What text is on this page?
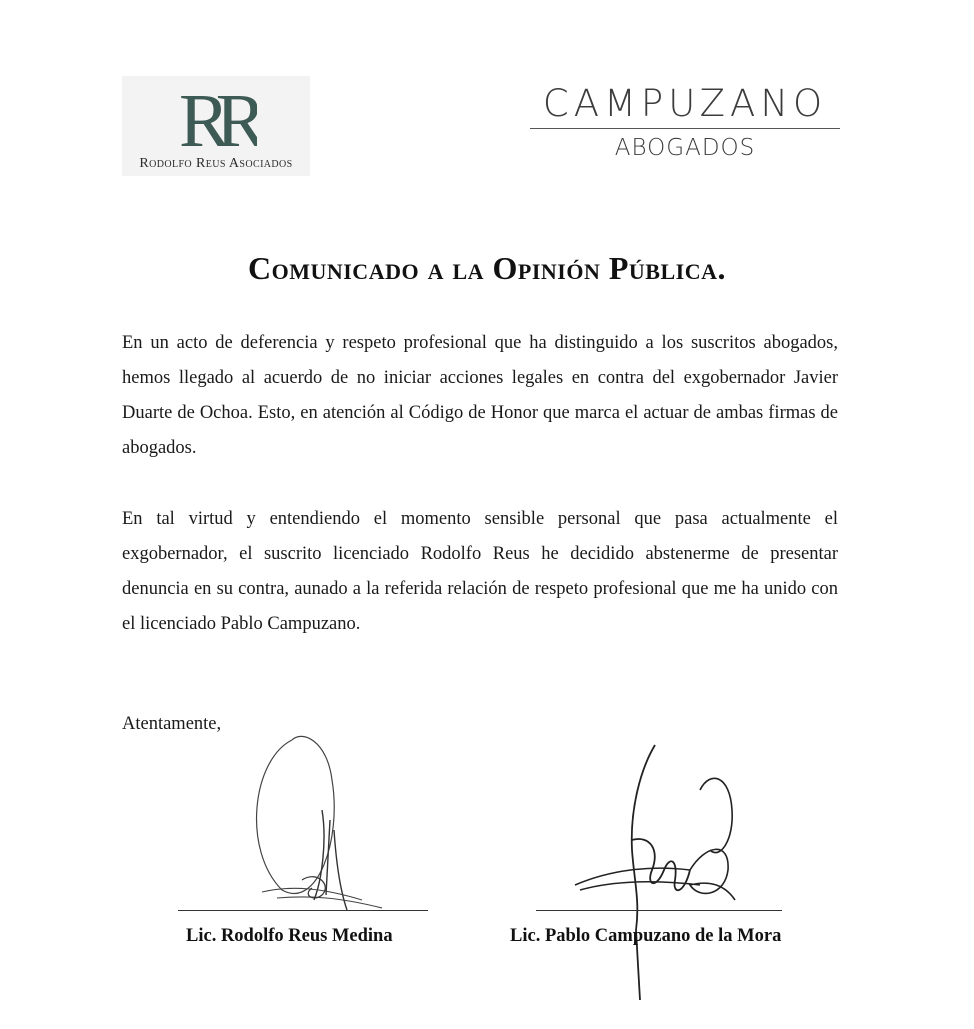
RR
Rodolfo Reus Asociados
CAMPUZANO
ABOGADOS
Comunicado a la Opinión Pública.
En un acto de deferencia y respeto profesional que ha distinguido a los suscritos abogados, hemos llegado al acuerdo de no iniciar acciones legales en contra del exgobernador Javier Duarte de Ochoa. Esto, en atención al Código de Honor que marca el actuar de ambas firmas de abogados.
En tal virtud y entendiendo el momento sensible personal que pasa actualmente el exgobernador, el suscrito licenciado Rodolfo Reus he decidido abstenerme de presentar denuncia en su contra, aunado a la referida relación de respeto profesional que me ha unido con el licenciado Pablo Campuzano.
Atentamente,
Lic. Rodolfo Reus Medina	Lic. Pablo Campuzano de la Mora
